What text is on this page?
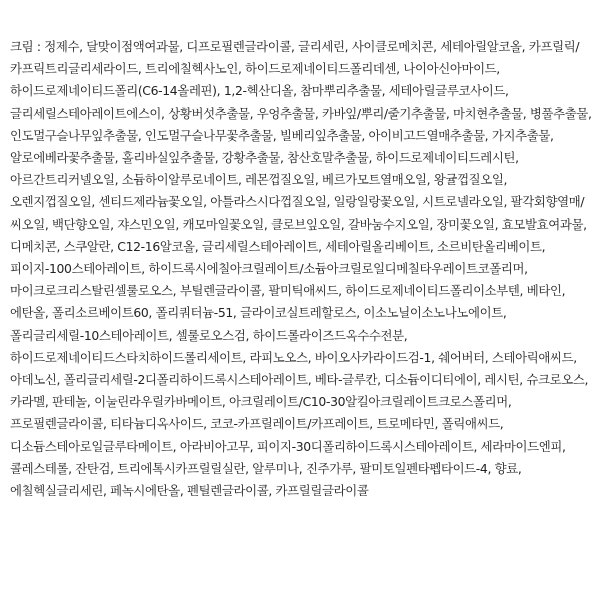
크림 : 정제수, 달맞이점액여과물, 디프로필렌글라이콜, 글리세린, 사이클로메치콘, 세테아릴알코올, 카프릴릭/카프릭트리글리세라이드, 트리에칠헥사노인, 하이드로제네이티드폴리데센, 나이아신아마이드, 하이드로제네이티드폴리(C6-14올레핀), 1,2-헥산디올, 참마뿌리추출물, 세테아릴글루코사이드, 글리세릴스테아레이트에스이, 상황버섯추출물, 우엉추출물, 카바잎/뿌리/줄기추출물, 마치현추출물, 병풀추출물, 인도멀구슬나무잎추출물, 인도멀구슬나무꽃추출물, 빌베리잎추출물, 아이비고드열매추출물, 가지추출물, 알로에베라꽃추출물, 홀리바실잎추출물, 강황추출물, 참산호말추출물, 하이드로제네이티드레시틴, 아르간트리커넬오일, 소듐하이알루로네이트, 레몬껍질오일, 베르가모트열매오일, 왕귤껍질오일, 오렌지껍질오일, 센티드제라늄꽃오일, 아틀라스시다껍질오일, 일랑일랑꽃오일, 시트로넬라오일, 팔각회향열매/씨오일, 백단향오일, 쟈스민오일, 캐모마일꽃오일, 클로브잎오일, 갈바눔수지오일, 장미꽃오일, 효모발효여과물, 디메치콘, 스쿠알란, C12-16알코올, 글리세릴스테아레이트, 세테아릴올리베이트, 소르비탄올리베이트, 피이지-100스테아레이트, 하이드록시에칠아크릴레이트/소듐아크릴로일디메칠타우레이트코폴리머, 마이크로크리스탈린셀룰로오스, 부틸렌글라이콜, 팔미틱애씨드, 하이드로제네이티드폴리이소부텐, 베타인, 에탄올, 폴리소르베이트60, 폴리쿼터늄-51, 글라이코실트레할로스, 이소노닐이소노나노에이트, 폴리글리세릴-10스테아레이트, 셀룰로오스검, 하이드롤라이즈드옥수수전분, 하이드로제네이티드스타치하이드롤리세이트, 라피노오스, 바이오사카라이드검-1, 쉐어버터, 스테아릭애씨드, 아데노신, 폴리글리세릴-2디폴리하이드록시스테아레이트, 베타-글루칸, 디소듐이디티에이, 레시틴, 슈크로오스, 카라멜, 판테놀, 이눌린라우릴카바메이트, 아크릴레이트/C10-30알킬아크릴레이트크로스폴리머, 프로필렌글라이콜, 티타늄디옥사이드, 코코-카프릴레이트/카프레이트, 트로메타민, 폴릭애씨드, 디소듐스테아로일글루타메이트, 아라비아고무, 피이지-30디폴리하이드록시스테아레이트, 세라마이드엔피, 콜레스테롤, 잔탄검, 트리에톡시카프릴릴실란, 알루미나, 진주가루, 팔미토일펜타펩타이드-4, 향료, 에칠헥실글리세린, 페녹시에탄올, 펜틸렌글라이콜, 카프릴릴글라이콜
